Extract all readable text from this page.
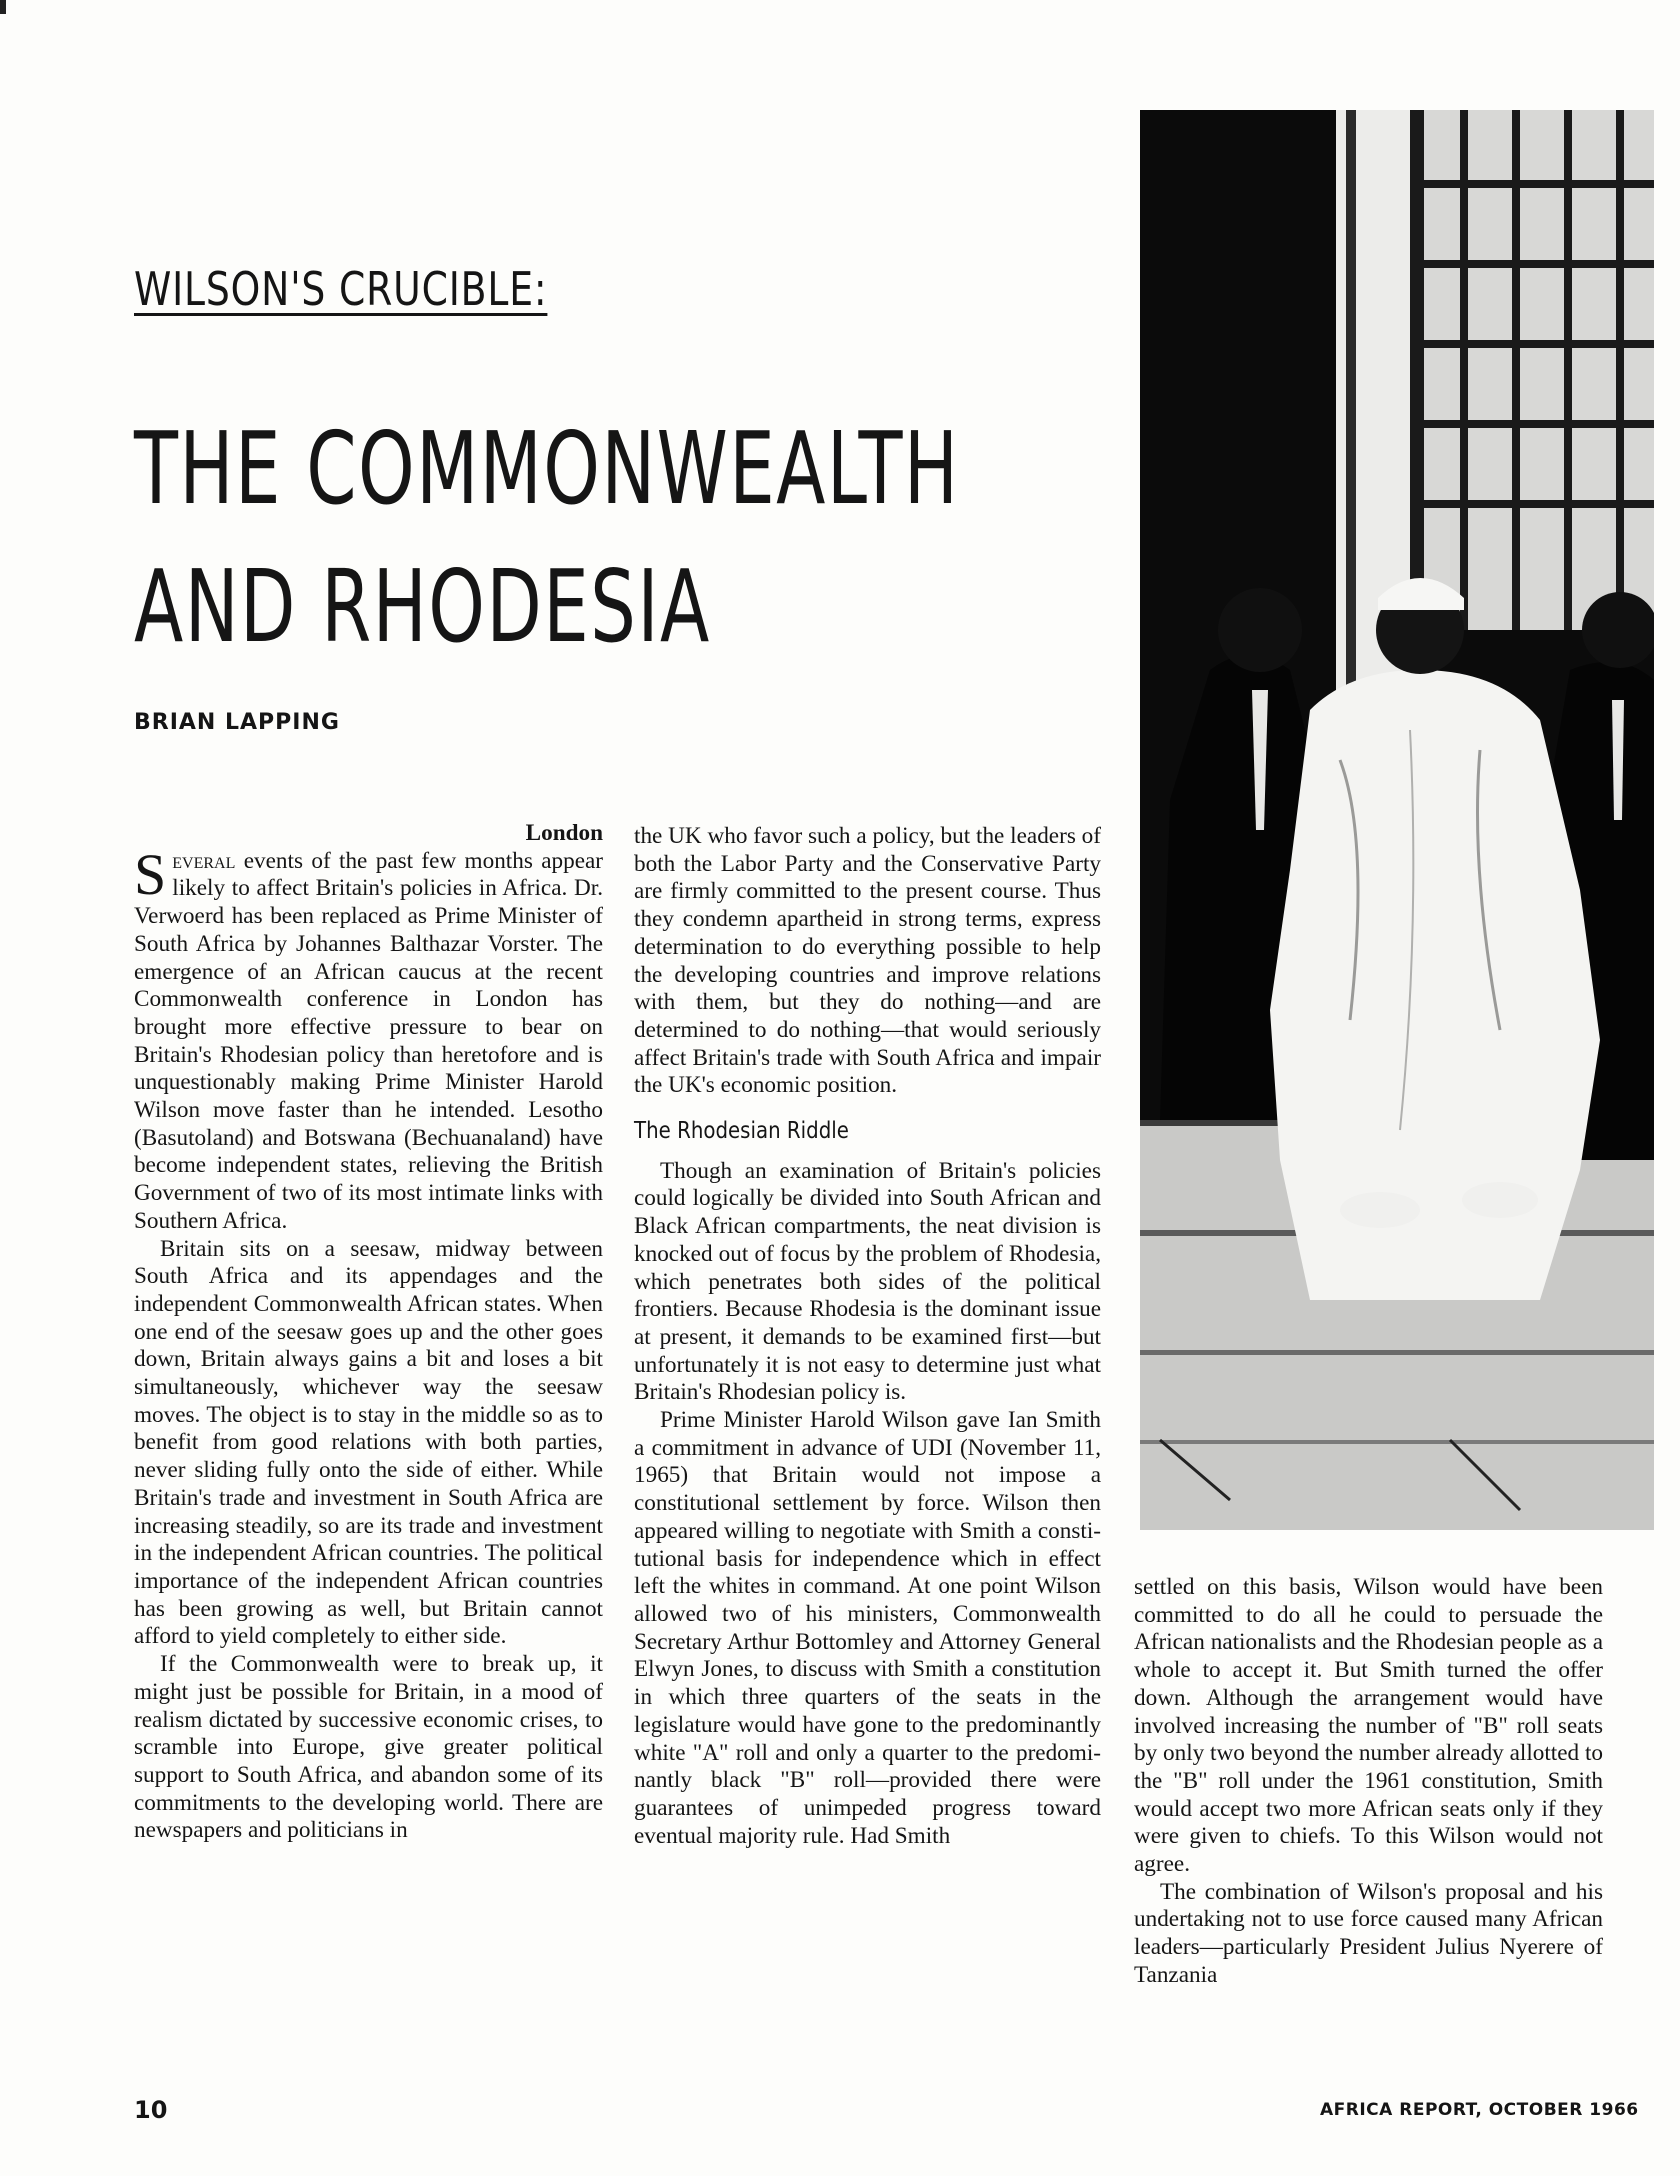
WILSON'S CRUCIBLE:
THE COMMONWEALTH
AND RHODESIA
BRIAN LAPPING

London

Several events of the past few months appear likely to affect Britain's policies in Africa. Dr. Verwoerd has been replaced as Prime Minister of South Africa by Johannes Balthazar Vorster. The emergence of an African caucus at the recent Commonwealth conference in London has brought more effective pressure to bear on Britain's Rhodesian policy than heretofore and is unquestionably making Prime Minister Harold Wilson move faster than he intended. Lesotho (Basutoland) and Botswana (Bechuanaland) have become independent states, relieving the British Government of two of its most intimate links with Southern Africa.

Britain sits on a seesaw, midway between South Africa and its appendages and the independent Commonwealth African states. When one end of the seesaw goes up and the other goes down, Britain always gains a bit and loses a bit simultaneously, whichever way the seesaw moves. The object is to stay in the middle so as to benefit from good relations with both parties, never sliding fully onto the side of either. While Britain's trade and investment in South Africa are increasing steadily, so are its trade and investment in the independent African countries. The political importance of the independent African countries has been growing as well, but Britain cannot afford to yield completely to either side.

If the Commonwealth were to break up, it might just be possible for Britain, in a mood of realism dictated by successive economic crises, to scramble into Europe, give greater political support to South Africa, and abandon some of its commitments to the developing world. There are newspapers and politicians in

the UK who favor such a policy, but the leaders of both the Labor Party and the Conservative Party are firmly committed to the present course. Thus they condemn apartheid in strong terms, express determination to do everything possible to help the developing countries and improve relations with them, but they do nothing—and are determined to do nothing—that would seriously affect Britain's trade with South Africa and impair the UK's economic position.

The Rhodesian Riddle

Though an examination of Britain's policies could logically be divided into South African and Black African compartments, the neat division is knocked out of focus by the problem of Rhodesia, which penetrates both sides of the political frontiers. Because Rhodesia is the dominant issue at present, it demands to be examined first—but unfortunately it is not easy to determine just what Britain's Rhodesian policy is.

Prime Minister Harold Wilson gave Ian Smith a commitment in advance of UDI (November 11, 1965) that Britain would not impose a constitutional settlement by force. Wilson then appeared willing to negotiate with Smith a constitutional basis for independence which in effect left the whites in command. At one point Wilson allowed two of his ministers, Commonwealth Secretary Arthur Bottomley and Attorney General Elwyn Jones, to discuss with Smith a constitution in which three quarters of the seats in the legislature would have gone to the predominantly white "A" roll and only a quarter to the predominantly black "B" roll—provided there were guarantees of unimpeded progress toward eventual majority rule. Had Smith

settled on this basis, Wilson would have been committed to do all he could to persuade the African nationalists and the Rhodesian people as a whole to accept it. But Smith turned the offer down. Although the arrangement would have involved increasing the number of "B" roll seats by only two beyond the number already allotted to the "B" roll under the 1961 constitution, Smith would accept two more African seats only if they were given to chiefs. To this Wilson would not agree.

The combination of Wilson's proposal and his undertaking not to use force caused many African leaders—particularly President Julius Nyerere of Tanzania

10	AFRICA REPORT, OCTOBER 1966
